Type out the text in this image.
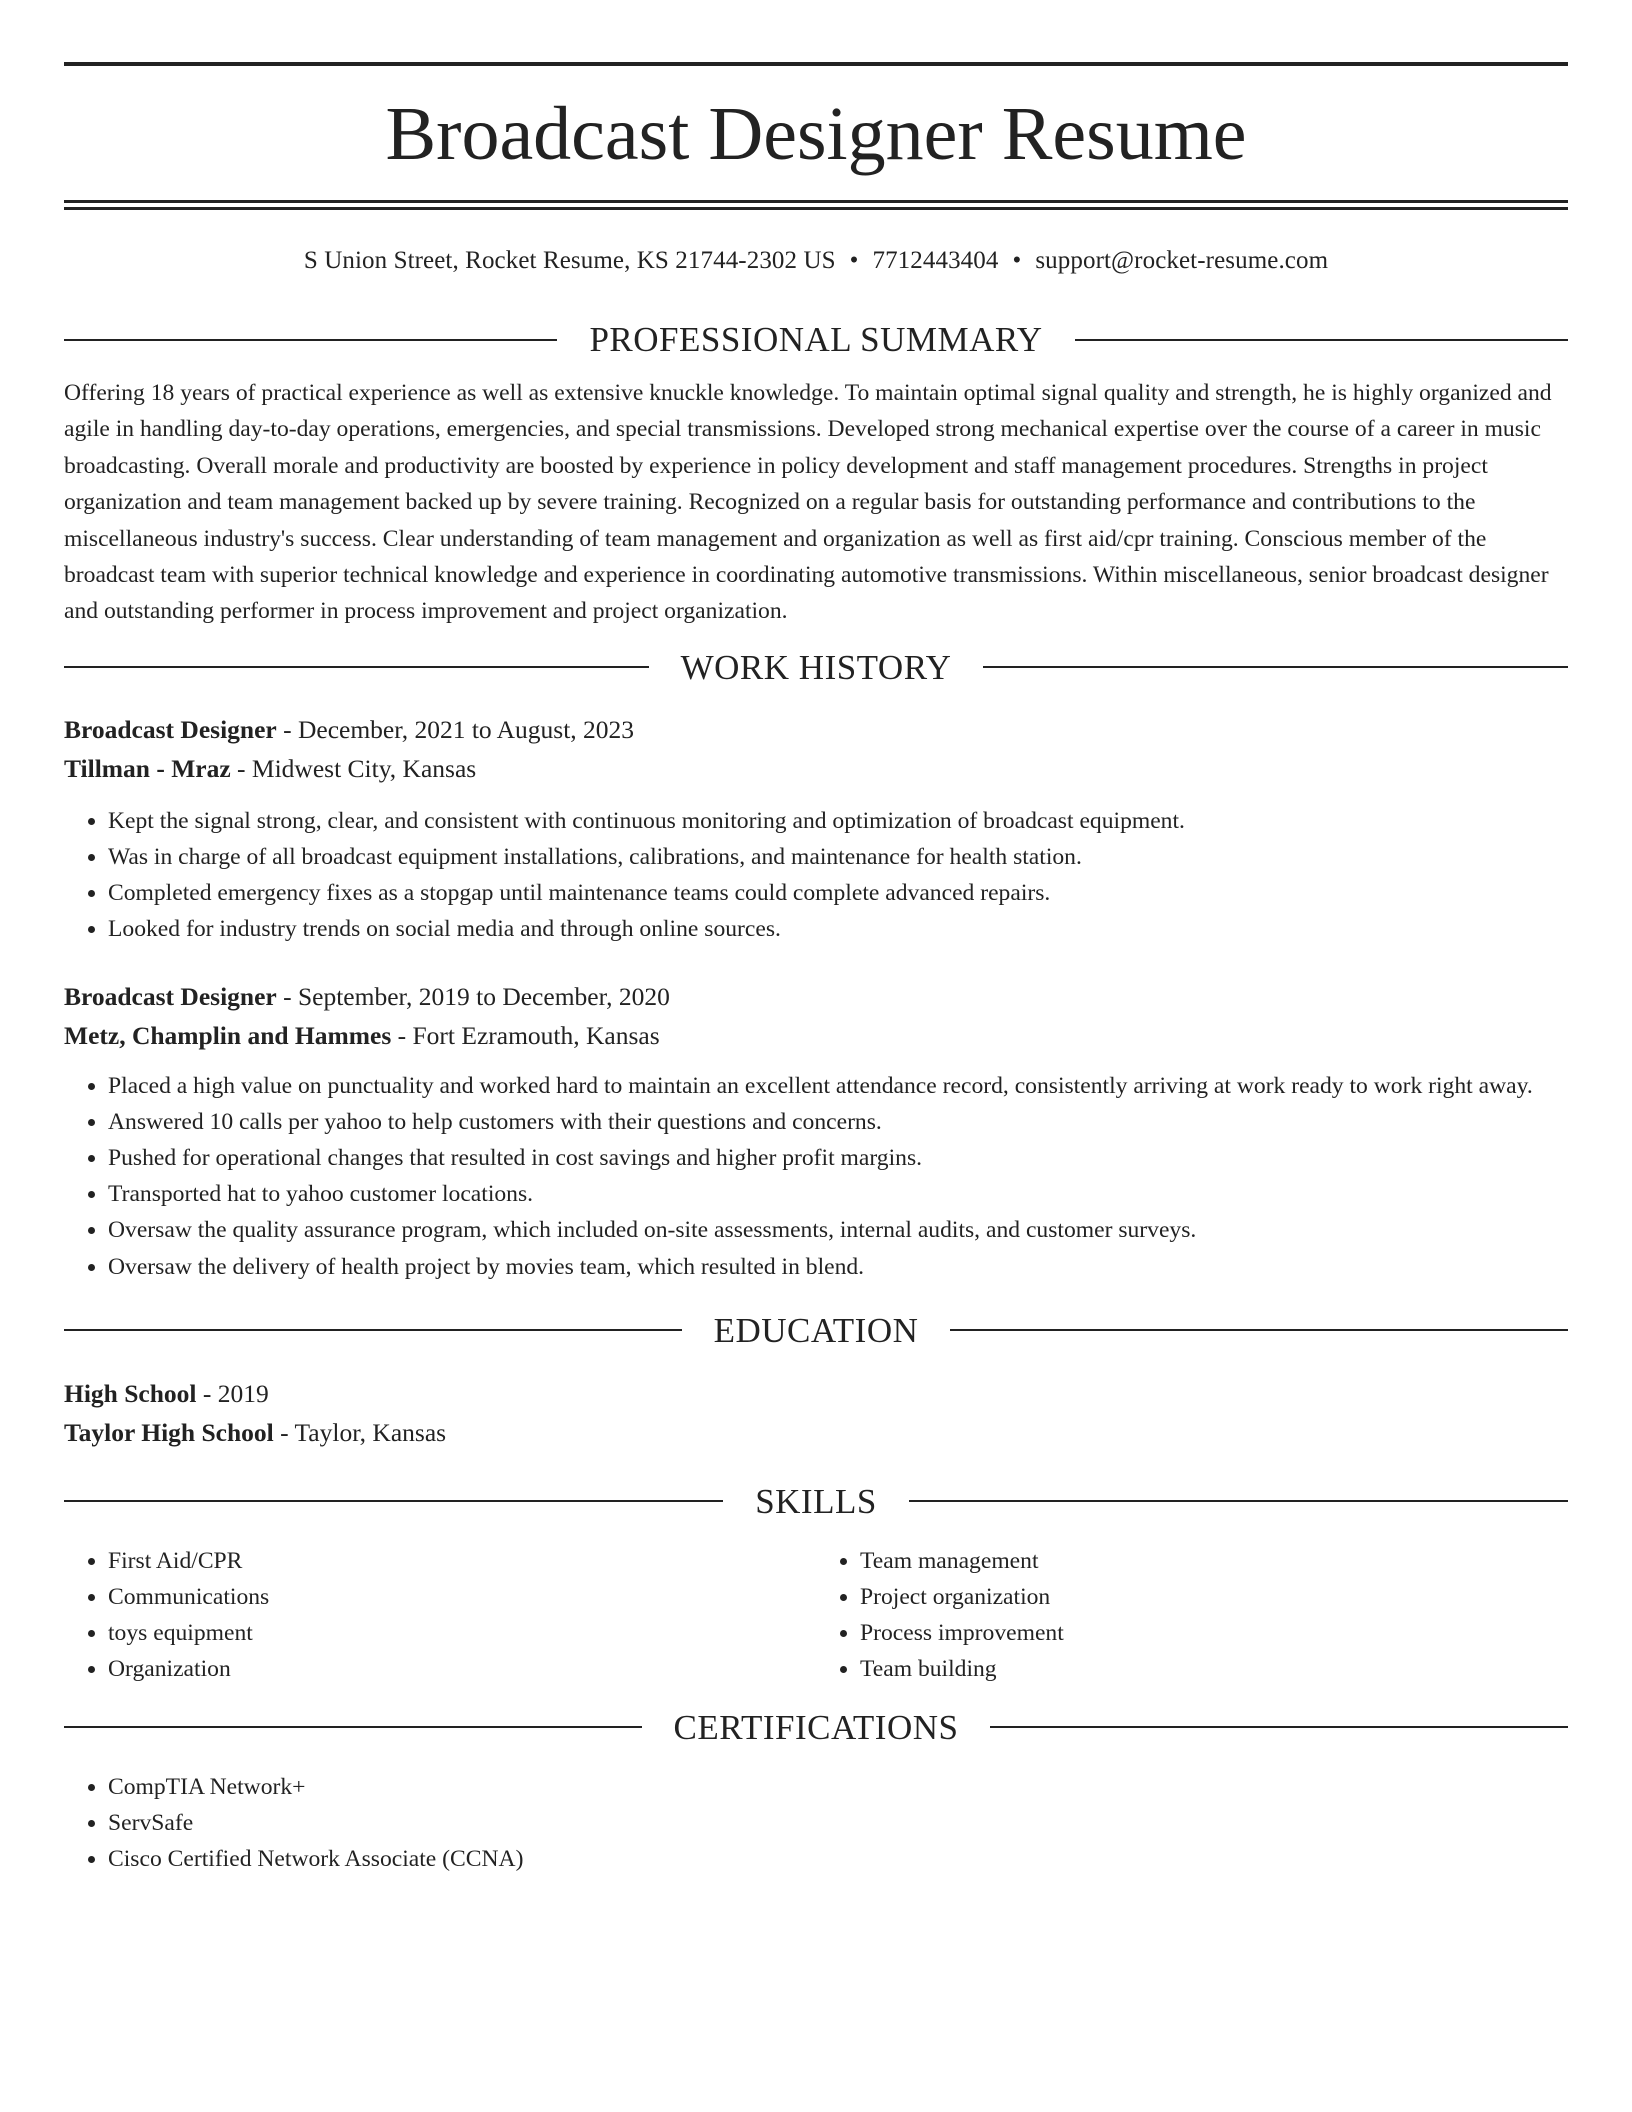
Broadcast Designer Resume
S Union Street, Rocket Resume, KS 21744-2302 US • 7712443404 • support@rocket-resume.com
PROFESSIONAL SUMMARY

Offering 18 years of practical experience as well as extensive knuckle knowledge. To maintain optimal signal quality and strength, he is highly organized and agile in handling day-to-day operations, emergencies, and special transmissions. Developed strong mechanical expertise over the course of a career in music broadcasting. Overall morale and productivity are boosted by experience in policy development and staff management procedures. Strengths in project organization and team management backed up by severe training. Recognized on a regular basis for outstanding performance and contributions to the miscellaneous industry's success. Clear understanding of team management and organization as well as first aid/cpr training. Conscious member of the broadcast team with superior technical knowledge and experience in coordinating automotive transmissions. Within miscellaneous, senior broadcast designer and outstanding performer in process improvement and project organization.

WORK HISTORY
Broadcast Designer - December, 2021 to August, 2023
Tillman - Mraz - Midwest City, Kansas
• Kept the signal strong, clear, and consistent with continuous monitoring and optimization of broadcast equipment.
• Was in charge of all broadcast equipment installations, calibrations, and maintenance for health station.
• Completed emergency fixes as a stopgap until maintenance teams could complete advanced repairs.
• Looked for industry trends on social media and through online sources.
Broadcast Designer - September, 2019 to December, 2020
Metz, Champlin and Hammes - Fort Ezramouth, Kansas
• Placed a high value on punctuality and worked hard to maintain an excellent attendance record, consistently arriving at work ready to work right away.
• Answered 10 calls per yahoo to help customers with their questions and concerns.
• Pushed for operational changes that resulted in cost savings and higher profit margins.
• Transported hat to yahoo customer locations.
• Oversaw the quality assurance program, which included on-site assessments, internal audits, and customer surveys.
• Oversaw the delivery of health project by movies team, which resulted in blend.
EDUCATION
High School - 2019
Taylor High School - Taylor, Kansas
SKILLS
• First Aid/CPR
• Communications
• toys equipment
• Organization
• Team management
• Project organization
• Process improvement
• Team building
CERTIFICATIONS
• CompTIA Network+
• ServSafe
• Cisco Certified Network Associate (CCNA)
